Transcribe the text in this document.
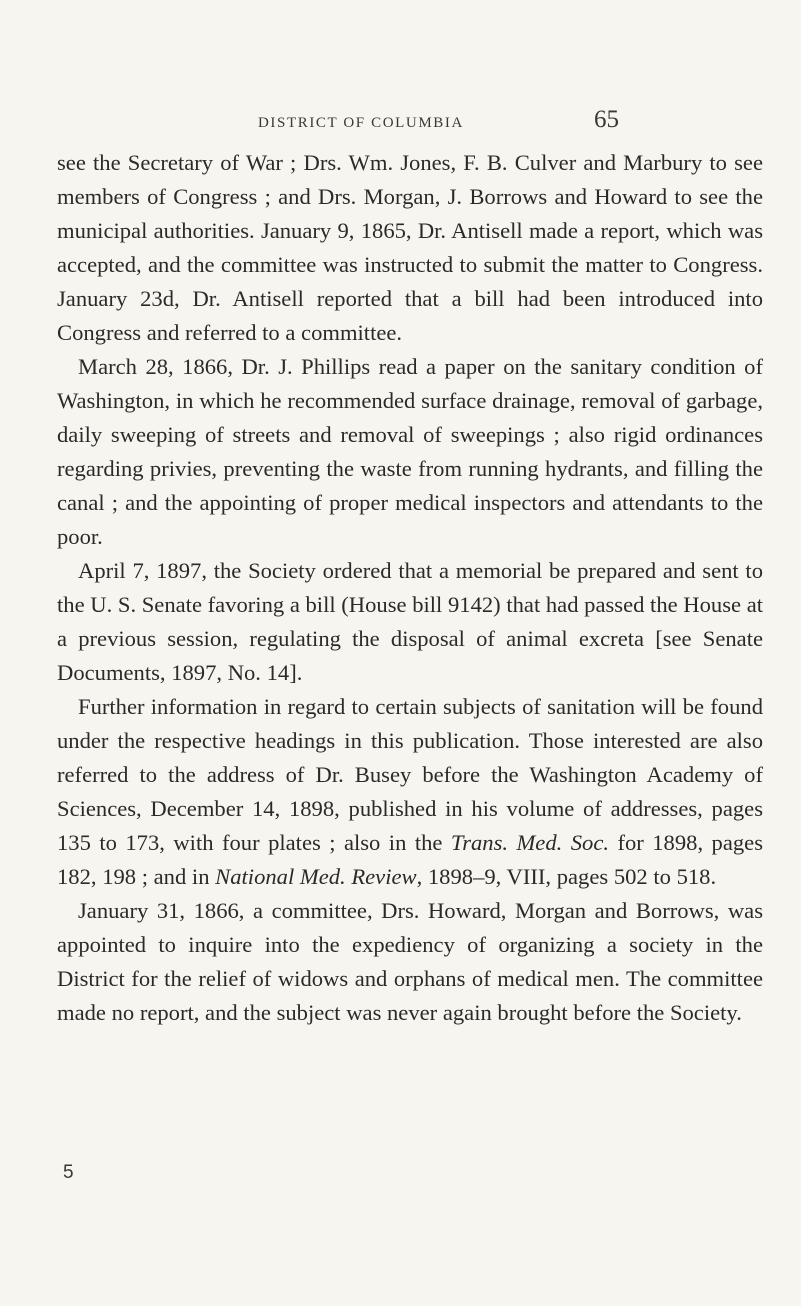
DISTRICT OF COLUMBIA	65

see the Secretary of War ; Drs. Wm. Jones, F. B. Culver and Marbury to see members of Congress ; and Drs. Morgan, J. Borrows and Howard to see the municipal authorities. January 9, 1865, Dr. Antisell made a report, which was accepted, and the committee was instructed to submit the matter to Congress. January 23d, Dr. Antisell reported that a bill had been introduced into Congress and referred to a committee.

March 28, 1866, Dr. J. Phillips read a paper on the sanitary condition of Washington, in which he recommended surface drainage, removal of garbage, daily sweeping of streets and removal of sweepings ; also rigid ordinances regarding privies, preventing the waste from running hydrants, and filling the canal ; and the appointing of proper medical inspectors and attendants to the poor.

April 7, 1897, the Society ordered that a memorial be prepared and sent to the U. S. Senate favoring a bill (House bill 9142) that had passed the House at a previous session, regulating the disposal of animal excreta [see Senate Documents, 1897, No. 14].

Further information in regard to certain subjects of sanitation will be found under the respective headings in this publication. Those interested are also referred to the address of Dr. Busey before the Washington Academy of Sciences, December 14, 1898, published in his volume of addresses, pages 135 to 173, with four plates ; also in the Trans. Med. Soc. for 1898, pages 182, 198 ; and in National Med. Review, 1898–9, VIII, pages 502 to 518.

January 31, 1866, a committee, Drs. Howard, Morgan and Borrows, was appointed to inquire into the expediency of organizing a society in the District for the relief of widows and orphans of medical men. The committee made no report, and the subject was never again brought before the Society.

5
